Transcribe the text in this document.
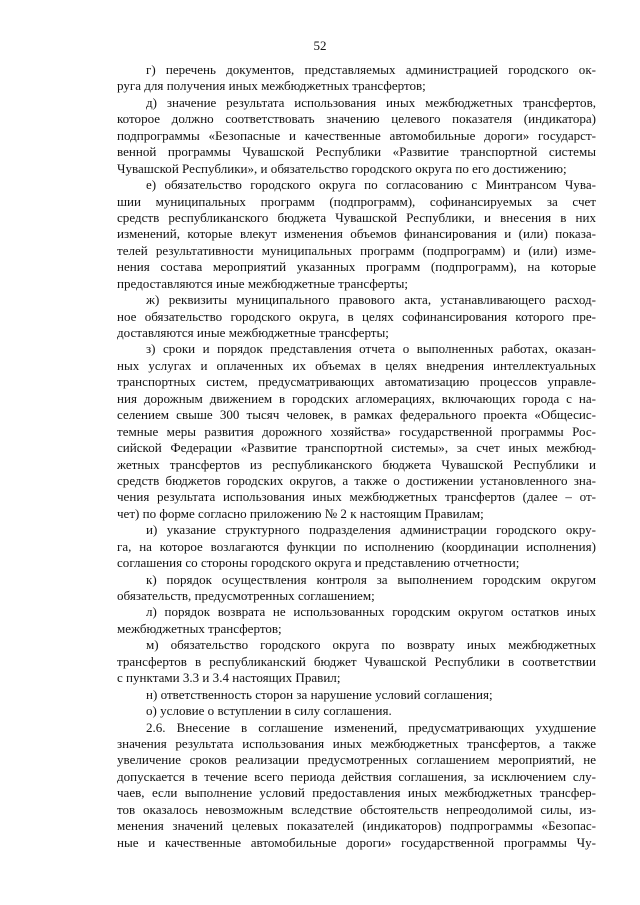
52
г) перечень документов, представляемых администрацией городского ок-
руга для получения иных межбюджетных трансфертов;
д) значение результата использования иных межбюджетных трансфертов,
которое должно соответствовать значению целевого показателя (индикатора)
подпрограммы «Безопасные и качественные автомобильные дороги» государст-
венной программы Чувашской Республики «Развитие транспортной системы
Чувашской Республики», и обязательство городского округа по его достижению;
е) обязательство городского округа по согласованию с Минтрансом Чува-
шии муниципальных программ (подпрограмм), софинансируемых за счет
средств республиканского бюджета Чувашской Республики, и внесения в них
изменений, которые влекут изменения объемов финансирования и (или) показа-
телей результативности муниципальных программ (подпрограмм) и (или) изме-
нения состава мероприятий указанных программ (подпрограмм), на которые
предоставляются иные межбюджетные трансферты;
ж) реквизиты муниципального правового акта, устанавливающего расход-
ное обязательство городского округа, в целях софинансирования которого пре-
доставляются иные межбюджетные трансферты;
з) сроки и порядок представления отчета о выполненных работах, оказан-
ных услугах и оплаченных их объемах в целях внедрения интеллектуальных
транспортных систем, предусматривающих автоматизацию процессов управле-
ния дорожным движением в городских агломерациях, включающих города с на-
селением свыше 300 тысяч человек, в рамках федерального проекта «Общесис-
темные меры развития дорожного хозяйства» государственной программы Рос-
сийской Федерации «Развитие транспортной системы», за счет иных межбюд-
жетных трансфертов из республиканского бюджета Чувашской Республики и
средств бюджетов городских округов, а также о достижении установленного зна-
чения результата использования иных межбюджетных трансфертов (далее – от-
чет) по форме согласно приложению № 2 к настоящим Правилам;
и) указание структурного подразделения администрации городского окру-
га, на которое возлагаются функции по исполнению (координации исполнения)
соглашения со стороны городского округа и представлению отчетности;
к) порядок осуществления контроля за выполнением городским округом
обязательств, предусмотренных соглашением;
л) порядок возврата не использованных городским округом остатков иных
межбюджетных трансфертов;
м) обязательство городского округа по возврату иных межбюджетных
трансфертов в республиканский бюджет Чувашской Республики в соответствии
с пунктами 3.3 и 3.4 настоящих Правил;
н) ответственность сторон за нарушение условий соглашения;
о) условие о вступлении в силу соглашения.
2.6. Внесение в соглашение изменений, предусматривающих ухудшение
значения результата использования иных межбюджетных трансфертов, а также
увеличение сроков реализации предусмотренных соглашением мероприятий, не
допускается в течение всего периода действия соглашения, за исключением слу-
чаев, если выполнение условий предоставления иных межбюджетных трансфер-
тов оказалось невозможным вследствие обстоятельств непреодолимой силы, из-
менения значений целевых показателей (индикаторов) подпрограммы «Безопас-
ные и качественные автомобильные дороги» государственной программы Чу-
